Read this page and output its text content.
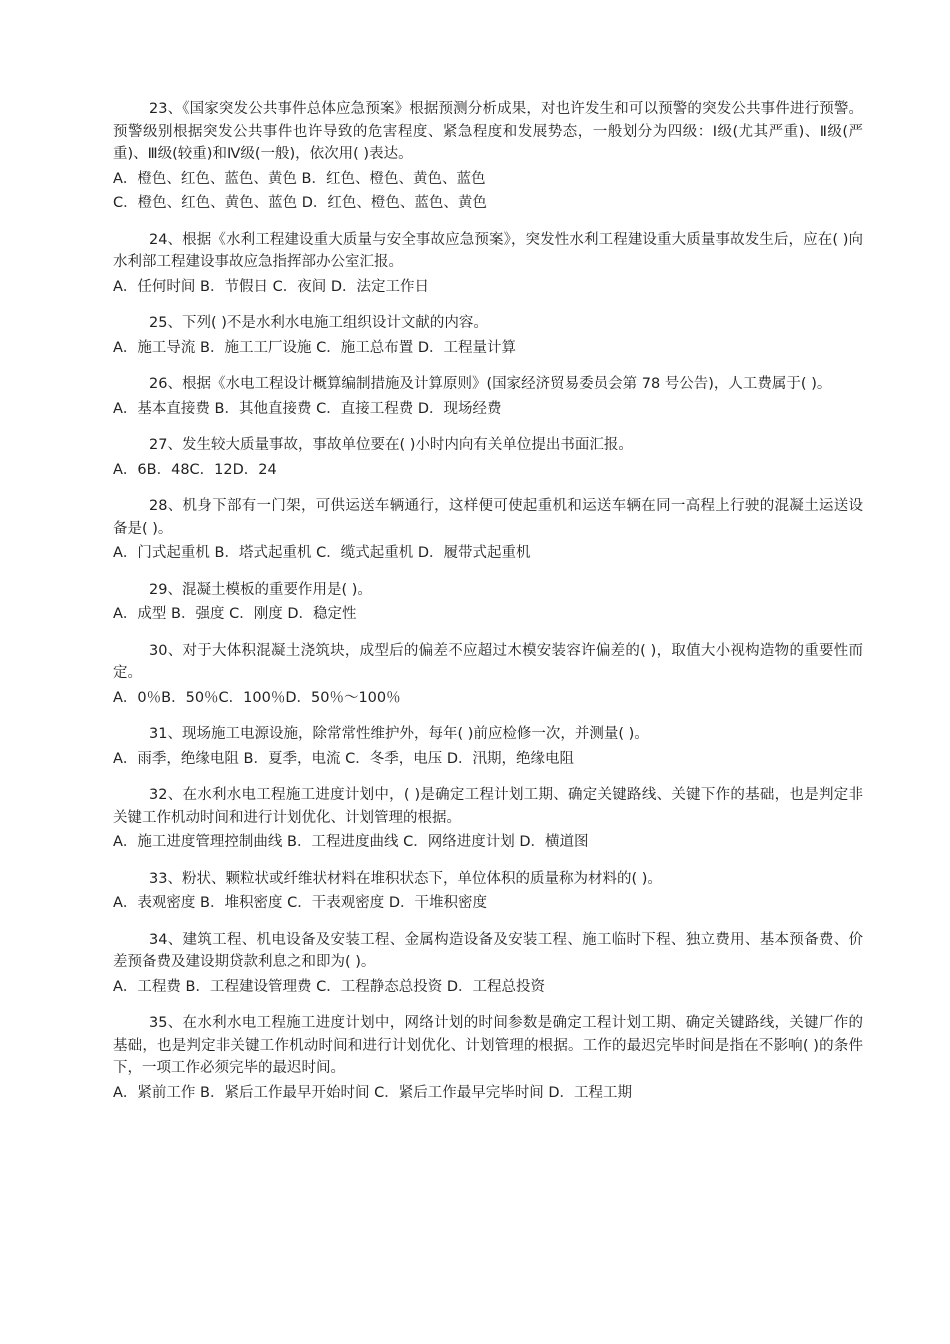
23、《国家突发公共事件总体应急预案》根据预测分析成果，对也许发生和可以预警的突发公共事件进行预警。预警级别根据突发公共事件也许导致的危害程度、紧急程度和发展势态，一般划分为四级：Ⅰ级(尤其严重)、Ⅱ级(严重)、Ⅲ级(较重)和Ⅳ级(一般)，依次用( )表达。

A．橙色、红色、蓝色、黄色 B．红色、橙色、黄色、蓝色

C．橙色、红色、黄色、蓝色 D．红色、橙色、蓝色、黄色

24、根据《水利工程建设重大质量与安全事故应急预案》，突发性水利工程建设重大质量事故发生后，应在( )向水利部工程建设事故应急指挥部办公室汇报。

A．任何时间 B．节假日 C．夜间 D．法定工作日

25、下列( )不是水利水电施工组织设计文献的内容。

A．施工导流 B．施工工厂设施 C．施工总布置 D．工程量计算

26、根据《水电工程设计概算编制措施及计算原则》(国家经济贸易委员会第 78 号公告)，人工费属于( )。

A．基本直接费 B．其他直接费 C．直接工程费 D．现场经费

27、发生较大质量事故，事故单位要在( )小时内向有关单位提出书面汇报。

A．6B．48C．12D．24

28、机身下部有一门架，可供运送车辆通行，这样便可使起重机和运送车辆在同一高程上行驶的混凝土运送设备是( )。

A．门式起重机 B．塔式起重机 C．缆式起重机 D．履带式起重机

29、混凝土模板的重要作用是( )。

A．成型 B．强度 C．刚度 D．稳定性

30、对于大体积混凝土浇筑块，成型后的偏差不应超过木模安装容许偏差的( )，取值大小视构造物的重要性而定。

A．0％B．50％C．100％D．50％～100％

31、现场施工电源设施，除常常性维护外，每年( )前应检修一次，并测量( )。

A．雨季，绝缘电阻 B．夏季，电流 C．冬季，电压 D．汛期，绝缘电阻

32、在水利水电工程施工进度计划中，( )是确定工程计划工期、确定关键路线、关键下作的基础，也是判定非关键工作机动时间和进行计划优化、计划管理的根据。

A．施工进度管理控制曲线 B．工程进度曲线 C．网络进度计划 D．横道图

33、粉状、颗粒状或纤维状材料在堆积状态下，单位体积的质量称为材料的( )。

A．表观密度 B．堆积密度 C．干表观密度 D．干堆积密度

34、建筑工程、机电设备及安装工程、金属构造设备及安装工程、施工临时下程、独立费用、基本预备费、价差预备费及建设期贷款利息之和即为( )。

A．工程费 B．工程建设管理费 C．工程静态总投资 D．工程总投资

35、在水利水电工程施工进度计划中，网络计划的时间参数是确定工程计划工期、确定关键路线，关键厂作的基础，也是判定非关键工作机动时间和进行计划优化、计划管理的根据。工作的最迟完毕时间是指在不影响( )的条件下，一项工作必须完毕的最迟时间。

A．紧前工作 B．紧后工作最早开始时间 C．紧后工作最早完毕时间 D．工程工期
